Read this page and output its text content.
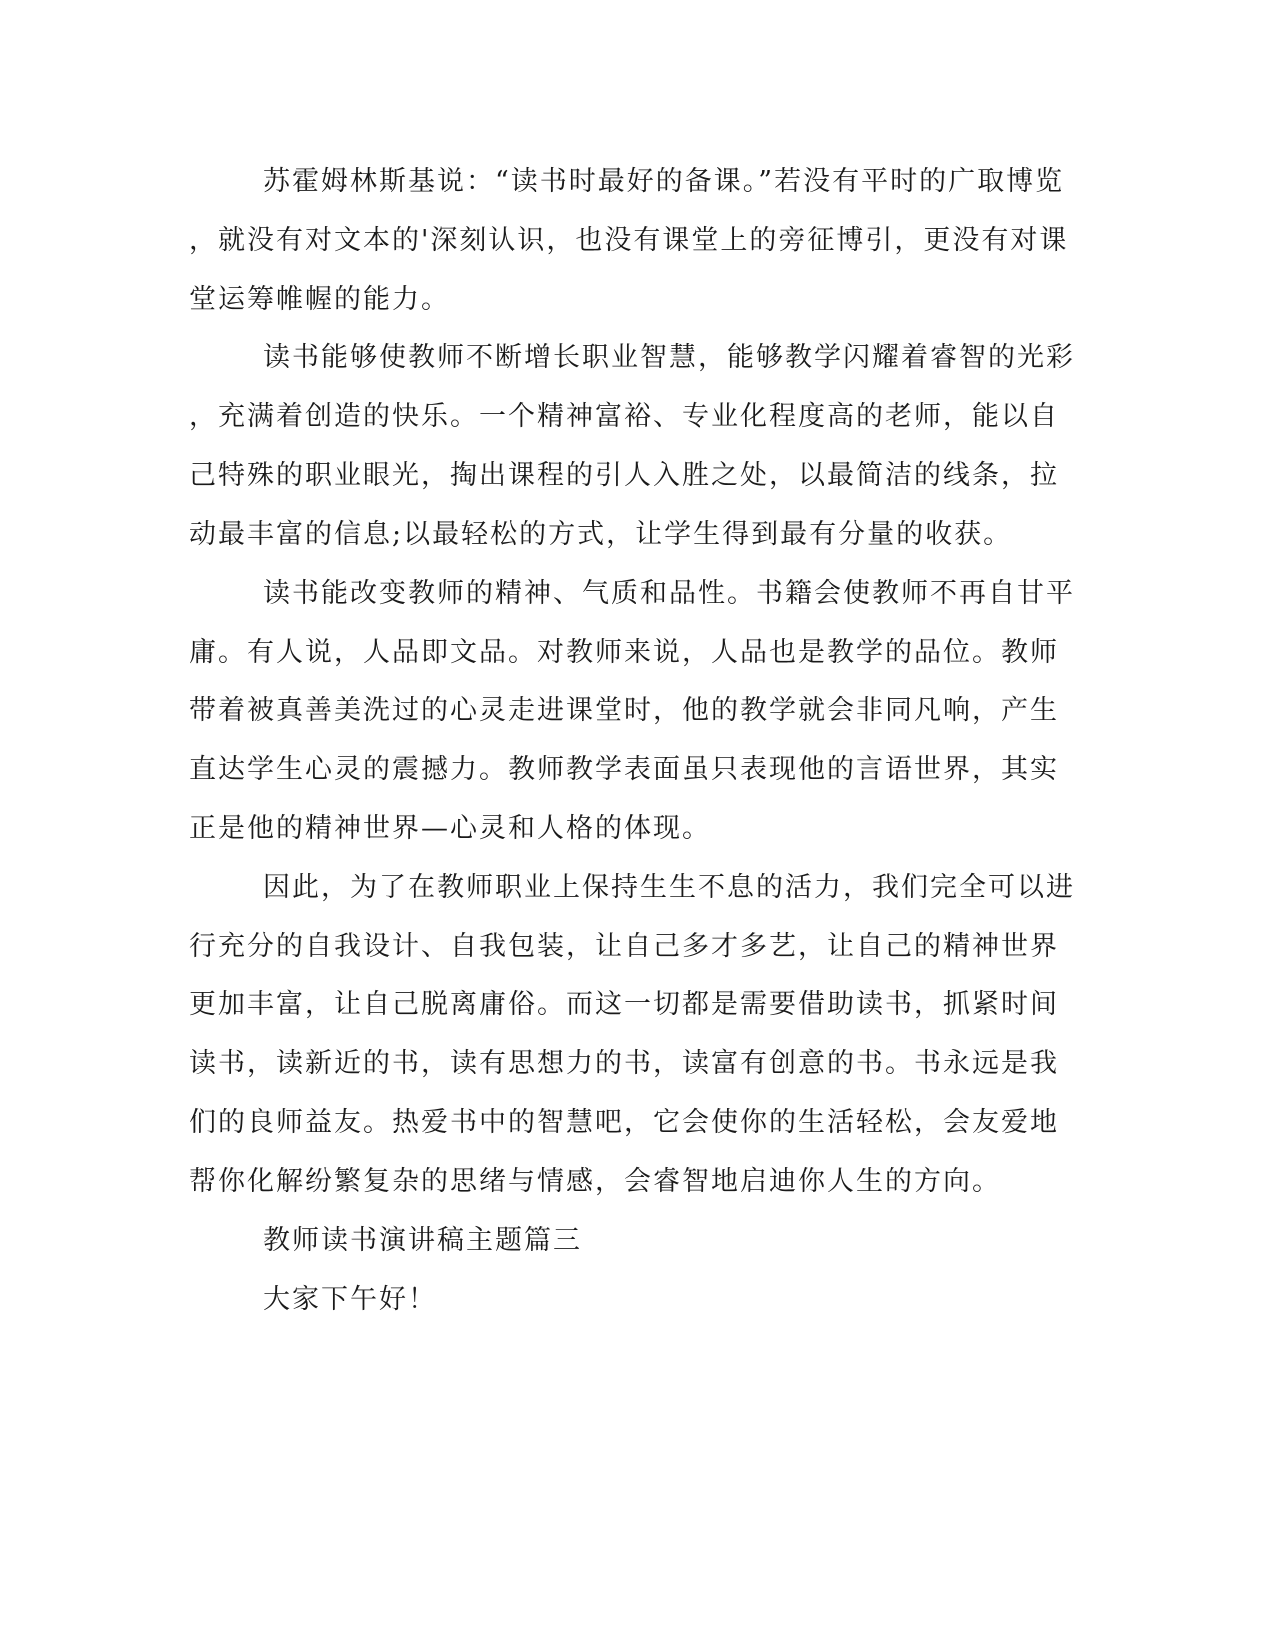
苏霍姆林斯基说：“读书时最好的备课。”若没有平时的广取博览
，就没有对文本的'深刻认识，也没有课堂上的旁征博引，更没有对课
堂运筹帷幄的能力。
读书能够使教师不断增长职业智慧，能够教学闪耀着睿智的光彩
，充满着创造的快乐。一个精神富裕、专业化程度高的老师，能以自
己特殊的职业眼光，掏出课程的引人入胜之处，以最简洁的线条，拉
动最丰富的信息;以最轻松的方式，让学生得到最有分量的收获。
读书能改变教师的精神、气质和品性。书籍会使教师不再自甘平
庸。有人说，人品即文品。对教师来说，人品也是教学的品位。教师
带着被真善美洗过的心灵走进课堂时，他的教学就会非同凡响，产生
直达学生心灵的震撼力。教师教学表面虽只表现他的言语世界，其实
正是他的精神世界—心灵和人格的体现。
因此，为了在教师职业上保持生生不息的活力，我们完全可以进
行充分的自我设计、自我包装，让自己多才多艺，让自己的精神世界
更加丰富，让自己脱离庸俗。而这一切都是需要借助读书，抓紧时间
读书，读新近的书，读有思想力的书，读富有创意的书。书永远是我
们的良师益友。热爱书中的智慧吧，它会使你的生活轻松，会友爱地
帮你化解纷繁复杂的思绪与情感，会睿智地启迪你人生的方向。
教师读书演讲稿主题篇三
大家下午好！
